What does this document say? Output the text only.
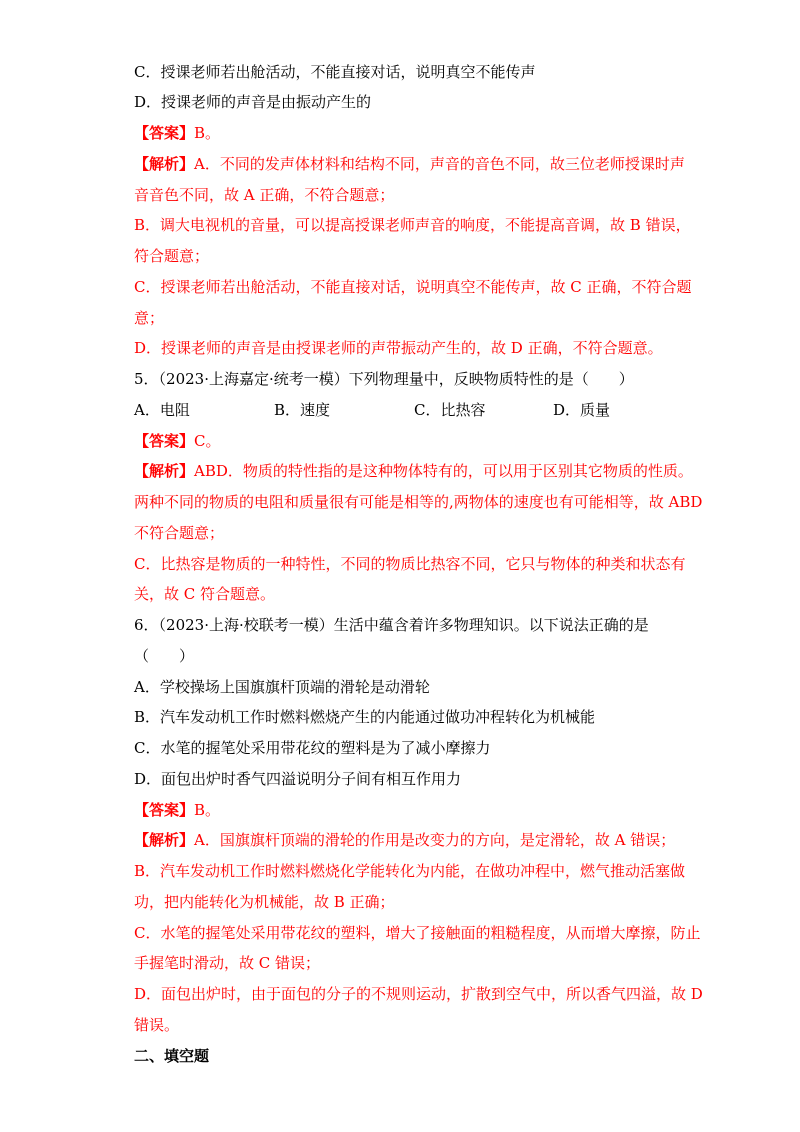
C．授课老师若出舱活动，不能直接对话，说明真空不能传声
D．授课老师的声音是由振动产生的
【答案】B。
【解析】A．不同的发声体材料和结构不同，声音的音色不同，故三位老师授课时声
音音色不同，故 A 正确，不符合题意；
B．调大电视机的音量，可以提高授课老师声音的响度，不能提高音调，故 B 错误，
符合题意；
C．授课老师若出舱活动，不能直接对话，说明真空不能传声，故 C 正确，不符合题
意；
D．授课老师的声音是由授课老师的声带振动产生的，故 D 正确，不符合题意。
5．（2023·上海嘉定·统考一模）下列物理量中，反映物质特性的是（　　）
A．电阻	B．速度	C．比热容	D．质量
【答案】C。
【解析】ABD．物质的特性指的是这种物体特有的，可以用于区别其它物质的性质。
两种不同的物质的电阻和质量很有可能是相等的,两物体的速度也有可能相等，故 ABD
不符合题意；
C．比热容是物质的一种特性，不同的物质比热容不同，它只与物体的种类和状态有
关，故 C 符合题意。
6．（2023·上海·校联考一模）生活中蕴含着许多物理知识。以下说法正确的是
（　　）
A．学校操场上国旗旗杆顶端的滑轮是动滑轮
B．汽车发动机工作时燃料燃烧产生的内能通过做功冲程转化为机械能
C．水笔的握笔处采用带花纹的塑料是为了减小摩擦力
D．面包出炉时香气四溢说明分子间有相互作用力
【答案】B。
【解析】A．国旗旗杆顶端的滑轮的作用是改变力的方向，是定滑轮，故 A 错误；
B．汽车发动机工作时燃料燃烧化学能转化为内能，在做功冲程中，燃气推动活塞做
功，把内能转化为机械能，故 B 正确；
C．水笔的握笔处采用带花纹的塑料，增大了接触面的粗糙程度，从而增大摩擦，防止
手握笔时滑动，故 C 错误；
D．面包出炉时，由于面包的分子的不规则运动，扩散到空气中，所以香气四溢，故 D
错误。
二、填空题
